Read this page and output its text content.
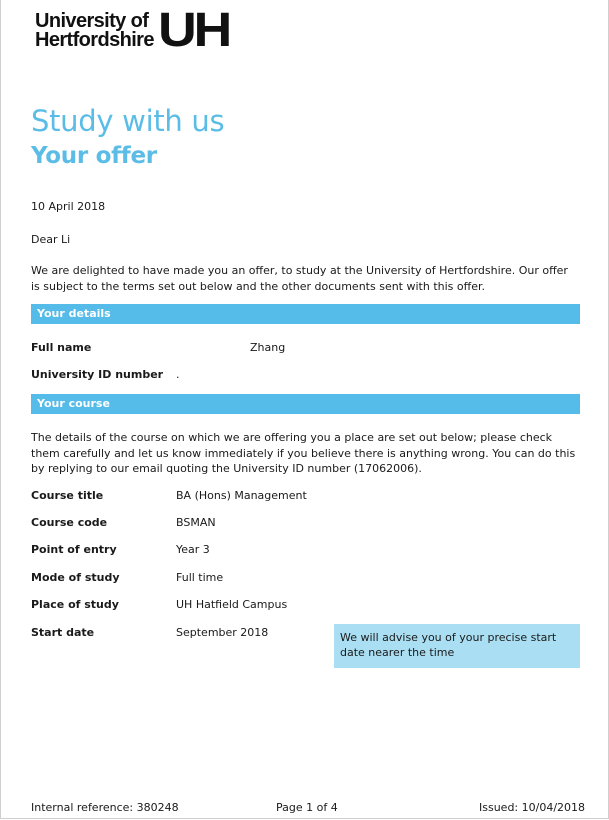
University of
Hertfordshire UH
Study with us
Your offer
10 April 2018
Dear Li
We are delighted to have made you an offer, to study at the University of Hertfordshire. Our offer is subject to the terms set out below and the other documents sent with this offer.
Your details
Full name	Zhang
University ID number .
Your course
The details of the course on which we are offering you a place are set out below; please check them carefully and let us know immediately if you believe there is anything wrong. You can do this by replying to our email quoting the University ID number (17062006).
Course title	BA (Hons) Management
Course code	BSMAN
Point of entry	Year 3
Mode of study	Full time
Place of study	UH Hatfield Campus
Start date	September 2018	We will advise you of your precise start date nearer the time
Internal reference: 380248	Page 1 of 4	Issued: 10/04/2018
